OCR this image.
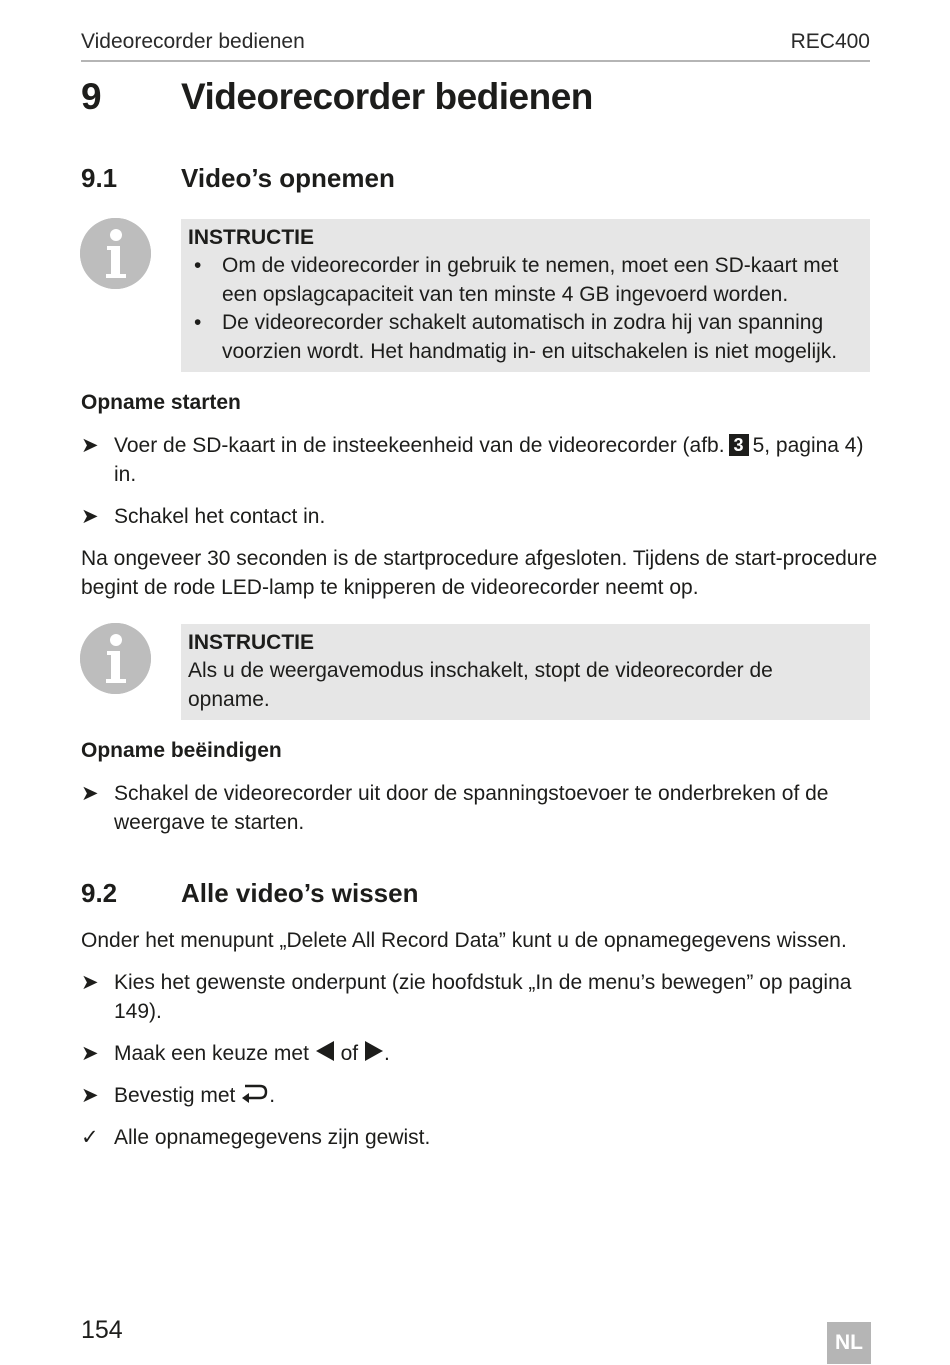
Videorecorder bedienen	REC400
9 Videorecorder bedienen
9.1 Video’s opnemen
INSTRUCTIE
• Om de videorecorder in gebruik te nemen, moet een SD-kaart met een opslagcapaciteit van ten minste 4 GB ingevoerd worden.
• De videorecorder schakelt automatisch in zodra hij van spanning voorzien wordt. Het handmatig in- en uitschakelen is niet mogelijk.
Opname starten
➤ Voer de SD-kaart in de insteekeenheid van de videorecorder (afb. 3 5, pagina 4) in.
➤ Schakel het contact in.
Na ongeveer 30 seconden is de startprocedure afgesloten. Tijdens de start-procedure begint de rode LED-lamp te knipperen de videorecorder neemt op.
INSTRUCTIE
Als u de weergavemodus inschakelt, stopt de videorecorder de opname.
Opname beëindigen
➤ Schakel de videorecorder uit door de spanningstoevoer te onderbreken of de weergave te starten.
9.2 Alle video’s wissen
Onder het menupunt „Delete All Record Data” kunt u de opnamegegevens wissen.
➤ Kies het gewenste onderpunt (zie hoofdstuk „In de menu’s bewegen” op pagina 149).
➤ Maak een keuze met of .
➤ Bevestig met .
✓ Alle opnamegegevens zijn gewist.
154	NL
